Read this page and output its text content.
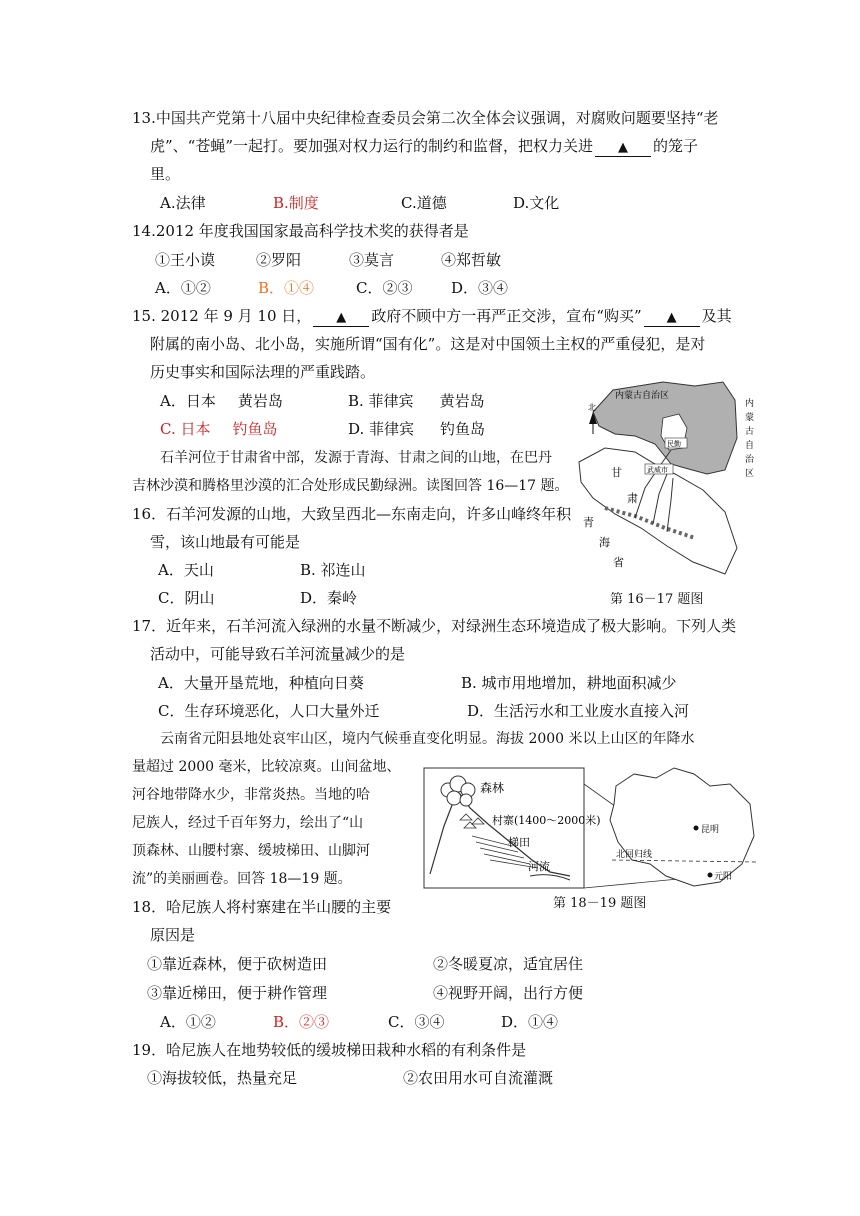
13.中国共产党第十八届中央纪律检查委员会第二次全体会议强调，对腐败问题要坚持“老
虎”、“苍蝇”一起打。要加强对权力运行的制约和监督，把权力关进 ▲ 的笼子
里。
A.法律	B.制度	C.道德	D.文化
14.2012 年度我国国家最高科学技术奖的获得者是
①王小谟	②罗阳	③莫言	④郑哲敏
A．①②	B．①④	C．②③	D．③④
15. 2012 年 9 月 10 日， ▲ 政府不顾中方一再严正交涉，宣布“购买” ▲ 及其
附属的南小岛、北小岛，实施所谓“国有化”。这是对中国领土主权的严重侵犯，是对
历史事实和国际法理的严重践踏。
A．日本 黄岩岛	B. 菲律宾 黄岩岛
C. 日本 钓鱼岛	D. 菲律宾 钓鱼岛
石羊河位于甘肃省中部，发源于青海、甘肃之间的山地，在巴丹
吉林沙漠和腾格里沙漠的汇合处形成民勤绿洲。读图回答 16—17 题。
16．石羊河发源的山地，大致呈西北—东南走向，许多山峰终年积
雪，该山地最有可能是
A．天山	B. 祁连山
C．阴山	D．秦岭
北
内蒙古自治区
内
蒙
古
自
治
区
甘
肃
民勤
武威市
青
海
省
第 16－17 题图
17．近年来，石羊河流入绿洲的水量不断减少，对绿洲生态环境造成了极大影响。下列人类
活动中，可能导致石羊河流量减少的是
A．大量开垦荒地，种植向日葵	B. 城市用地增加，耕地面积减少
C．生存环境恶化，人口大量外迁	D．生活污水和工业废水直接入河
云南省元阳县地处哀牢山区，境内气候垂直变化明显。海拔 2000 米以上山区的年降水
量超过 2000 毫米，比较凉爽。山间盆地、
河谷地带降水少，非常炎热。当地的哈
尼族人，经过千百年努力，绘出了“山
顶森林、山腰村寨、缓坡梯田、山脚河
流”的美丽画卷。回答 18—19 题。
森林
村寨(1400～2000米)
梯田
河流
昆明
北回归线
元阳
第 18－19 题图
18．哈尼族人将村寨建在半山腰的主要
原因是
①靠近森林，便于砍树造田	②冬暖夏凉，适宜居住
③靠近梯田，便于耕作管理	④视野开阔，出行方便
A．①②	B．②③	C．③④	D．①④
19．哈尼族人在地势较低的缓坡梯田栽种水稻的有利条件是
①海拔较低，热量充足	②农田用水可自流灌溉
